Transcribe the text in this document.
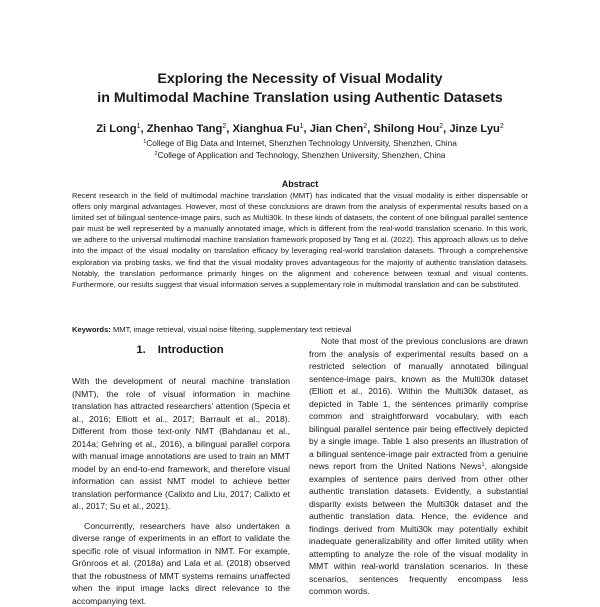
Exploring the Necessity of Visual Modality
in Multimodal Machine Translation using Authentic Datasets
Zi Long$^1$, Zhenhao Tang$^2$, Xianghua Fu$^1$, Jian Chen$^2$, Shilong Hou$^2$, Jinze Lyu$^2$
$^1$College of Big Data and Internet, Shenzhen Technology University, Shenzhen, China
$^2$College of Application and Technology, Shenzhen University, Shenzhen, China
Abstract
Recent research in the field of multimodal machine translation (MMT) has indicated that the visual modality is either dispensable or offers only marginal advantages. However, most of these conclusions are drawn from the analysis of experimental results based on a limited set of bilingual sentence-image pairs, such as Multi30k. In these kinds of datasets, the content of one bilingual parallel sentence pair must be well represented by a manually annotated image, which is different from the real-world translation scenario. In this work, we adhere to the universal multimodal machine translation framework proposed by Tang et al. (2022). This approach allows us to delve into the impact of the visual modality on translation efficacy by leveraging real-world translation datasets. Through a comprehensive exploration via probing tasks, we find that the visual modality proves advantageous for the majority of authentic translation datasets. Notably, the translation performance primarily hinges on the alignment and coherence between textual and visual contents. Furthermore, our results suggest that visual information serves a supplementary role in multimodal translation and can be substituted.
Keywords: MMT, image retrieval, visual noise filtering, supplementary text retrieval
1. Introduction

With the development of neural machine translation (NMT), the role of visual information in machine translation has attracted researchers' attention (Specia et al., 2016; Elliott et al., 2017; Barrault et al., 2018). Different from those text-only NMT (Bahdanau et al., 2014a; Gehring et al., 2016), a bilingual parallel corpora with manual image annotations are used to train an MMT model by an end-to-end framework, and therefore visual information can assist NMT model to achieve better translation performance (Calixto and Liu, 2017; Calixto et al., 2017; Su et al., 2021).

Concurrently, researchers have also undertaken a diverse range of experiments in an effort to validate the specific role of visual information in NMT. For example, Grönroos et al. (2018a) and Lala et al. (2018) observed that the robustness of MMT systems remains unaffected when the input image lacks direct relevance to the accompanying text.

Note that most of the previous conclusions are drawn from the analysis of experimental results based on a restricted selection of manually annotated bilingual sentence-image pairs, known as the Multi30k dataset (Elliott et al., 2016). Within the Multi30k dataset, as depicted in Table 1, the sentences primarily comprise common and straightforward vocabulary, with each bilingual parallel sentence pair being effectively depicted by a single image. Table 1 also presents an illustration of a bilingual sentence-image pair extracted from a genuine news report from the United Nations News$^1$, alongside examples of sentence pairs derived from other other authentic translation datasets. Evidently, a substantial disparity exists between the Multi30k dataset and the authentic translation data. Hence, the evidence and findings derived from Multi30k may potentially exhibit inadequate generalizability and offer limited utility when attempting to analyze the role of the visual modality in MMT within real-world translation scenarios. In these scenarios, sentences frequently encompass less common words.
